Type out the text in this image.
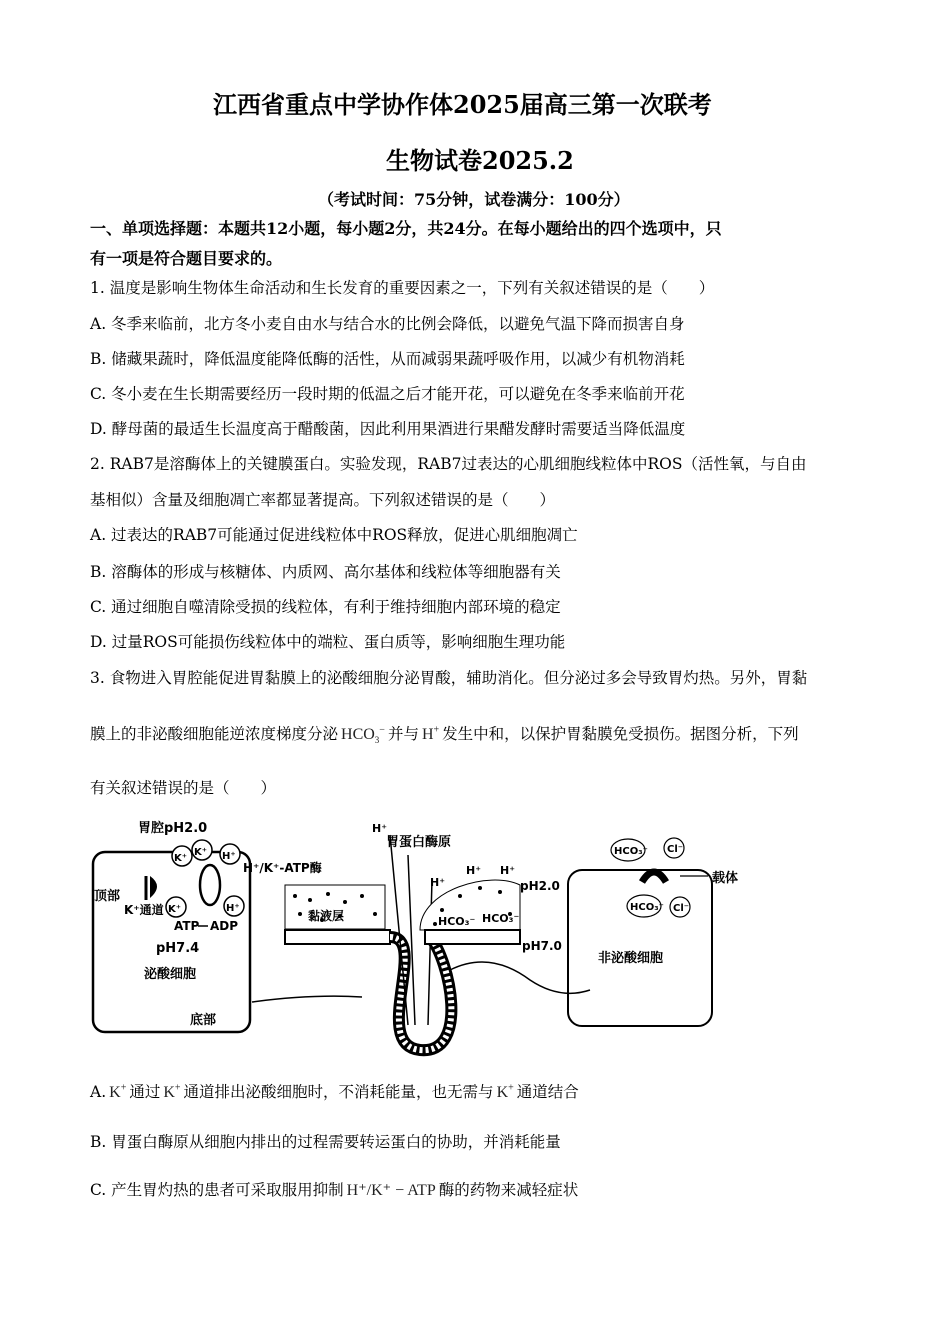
江西省重点中学协作体2025届高三第一次联考
生物试卷2025.2
（考试时间：75分钟，试卷满分：100分）
一、单项选择题：本题共12小题，每小题2分，共24分。在每小题给出的四个选项中，只
有一项是符合题目要求的。
1. 温度是影响生物体生命活动和生长发育的重要因素之一，下列有关叙述错误的是（　　）
A. 冬季来临前，北方冬小麦自由水与结合水的比例会降低，以避免气温下降而损害自身
B. 储藏果蔬时，降低温度能降低酶的活性，从而减弱果蔬呼吸作用，以减少有机物消耗
C. 冬小麦在生长期需要经历一段时期的低温之后才能开花，可以避免在冬季来临前开花
D. 酵母菌的最适生长温度高于醋酸菌，因此利用果酒进行果醋发酵时需要适当降低温度
2. RAB7是溶酶体上的关键膜蛋白。实验发现，RAB7过表达的心肌细胞线粒体中ROS（活性氧，与自由
基相似）含量及细胞凋亡率都显著提高。下列叙述错误的是（　　）
A. 过表达的RAB7可能通过促进线粒体中ROS释放，促进心肌细胞凋亡
B. 溶酶体的形成与核糖体、内质网、高尔基体和线粒体等细胞器有关
C. 通过细胞自噬清除受损的线粒体，有利于维持细胞内部环境的稳定
D. 过量ROS可能损伤线粒体中的端粒、蛋白质等，影响细胞生理功能
3. 食物进入胃腔能促进胃黏膜上的泌酸细胞分泌胃酸，辅助消化。但分泌过多会导致胃灼热。另外，胃黏
膜上的非泌酸细胞能逆浓度梯度分泌 $HCO_3^-$ 并与 H+ 发生中和，以保护胃黏膜免受损伤。据图分析，下列
有关叙述错误的是（　　）
胃腔pH2.0
K⁺
K⁺ H⁺
H⁺/K⁺-ATP酶
顶部
K⁺通道 K⁺	H⁺
ATP ADP
pH7.4
泌酸细胞
底部
黏液层
H⁺
胃蛋白酶原
H⁺
H⁺ H⁺
pH2.0
HCO₃⁻ HCO₃⁻
pH7.0
HCO₃⁻ Cl⁻
载体
HCO₃⁻ Cl⁻
非泌酸细胞
A. K+ 通过 K+ 通道排出泌酸细胞时，不消耗能量，也无需与 K+ 通道结合
B. 胃蛋白酶原从细胞内排出的过程需要转运蛋白的协助，并消耗能量
C. 产生胃灼热的患者可采取服用抑制 H⁺/K⁺ − ATP 酶的药物来减轻症状
